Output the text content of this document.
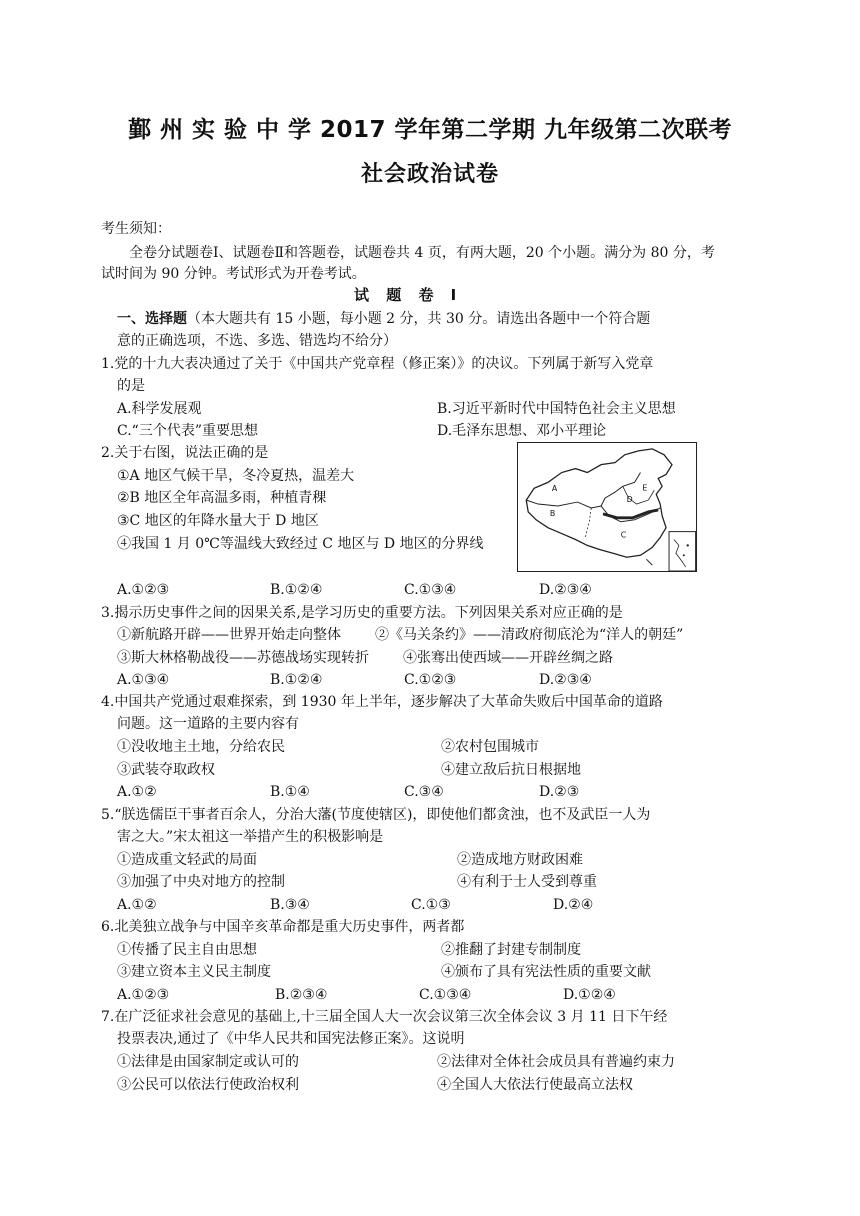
鄞 州 实 验 中 学 2017 学年第二学期 九年级第二次联考
社会政治试卷
考生须知：
全卷分试题卷Ⅰ、试题卷Ⅱ和答题卷，试题卷共 4 页，有两大题，20 个小题。满分为 80 分，考
试时间为 90 分钟。考试形式为开卷考试。
试 题 卷 Ⅰ
一、选择题（本大题共有 15 小题，每小题 2 分，共 30 分。请选出各题中一个符合题
意的正确选项，不选、多选、错选均不给分）
1.党的十九大表决通过了关于《中国共产党章程（修正案）》的决议。下列属于新写入党章
的是
A.科学发展观	B.习近平新时代中国特色社会主义思想
C.“三个代表”重要思想	D.毛泽东思想、邓小平理论
2.关于右图，说法正确的是
①A 地区气候干旱，冬冷夏热，温差大
②B 地区全年高温多雨，种植青稞
③C 地区的年降水量大于 D 地区
④我国 1 月 0℃等温线大致经过 C 地区与 D 地区的分界线
A
B
C
D
E
A.①②③	B.①②④	C.①③④	D.②③④
3.揭示历史事件之间的因果关系,是学习历史的重要方法。下列因果关系对应正确的是
①新航路开辟——世界开始走向整体 ②《马关条约》——清政府彻底沦为“洋人的朝廷”
③斯大林格勒战役——苏德战场实现转折 ④张骞出使西域——开辟丝绸之路
A.①③④	B.①②④	C.①②③	D.②③④
4.中国共产党通过艰难探索，到 1930 年上半年，逐步解决了大革命失败后中国革命的道路
问题。这一道路的主要内容有
①没收地主土地，分给农民	②农村包围城市
③武装夺取政权	④建立敌后抗日根据地
A.①②	B.①④	C.③④	D.②③
5.“朕选儒臣干事者百余人，分治大藩(节度使辖区)，即使他们都贪浊，也不及武臣一人为
害之大。”宋太祖这一举措产生的积极影响是
①造成重文轻武的局面	②造成地方财政困难
③加强了中央对地方的控制	④有利于士人受到尊重
A.①②	B.③④	C.①③	D.②④
6.北美独立战争与中国辛亥革命都是重大历史事件，两者都
①传播了民主自由思想	②推翻了封建专制制度
③建立资本主义民主制度	④颁布了具有宪法性质的重要文献
A.①②③	B.②③④	C.①③④	D.①②④
7.在广泛征求社会意见的基础上,十三届全国人大一次会议第三次全体会议 3 月 11 日下午经
投票表决,通过了《中华人民共和国宪法修正案》。这说明
①法律是由国家制定或认可的	②法律对全体社会成员具有普遍约束力
③公民可以依法行使政治权利	④全国人大依法行使最高立法权
